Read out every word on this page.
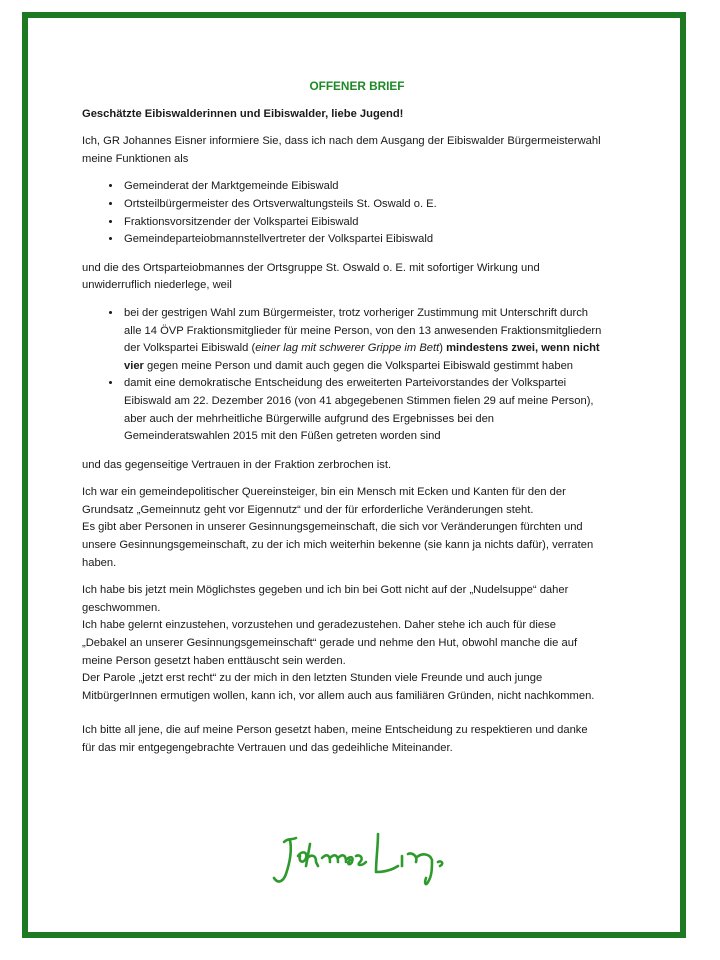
OFFENER BRIEF
Geschätzte Eibiswalderinnen und Eibiswalder, liebe Jugend!

Ich, GR Johannes Eisner informiere Sie, dass ich nach dem Ausgang der Eibiswalder Bürgermeisterwahl meine Funktionen als

• Gemeinderat der Marktgemeinde Eibiswald
• Ortsteilbürgermeister des Ortsverwaltungsteils St. Oswald o. E.
• Fraktionsvorsitzender der Volkspartei Eibiswald
• Gemeindeparteiobmannstellvertreter der Volkspartei Eibiswald

und die des Ortsparteiobmannes der Ortsgruppe St. Oswald o. E. mit sofortiger Wirkung und unwiderruflich niederlege, weil

• bei der gestrigen Wahl zum Bürgermeister, trotz vorheriger Zustimmung mit Unterschrift durch alle 14 ÖVP Fraktionsmitglieder für meine Person, von den 13 anwesenden Fraktionsmitgliedern der Volkspartei Eibiswald (einer lag mit schwerer Grippe im Bett) mindestens zwei, wenn nicht vier gegen meine Person und damit auch gegen die Volkspartei Eibiswald gestimmt haben
• damit eine demokratische Entscheidung des erweiterten Parteivorstandes der Volkspartei Eibiswald am 22. Dezember 2016 (von 41 abgegebenen Stimmen fielen 29 auf meine Person), aber auch der mehrheitliche Bürgerwille aufgrund des Ergebnisses bei den Gemeinderatswahlen 2015 mit den Füßen getreten worden sind

und das gegenseitige Vertrauen in der Fraktion zerbrochen ist.

Ich war ein gemeindepolitischer Quereinsteiger, bin ein Mensch mit Ecken und Kanten für den der Grundsatz „Gemeinnutz geht vor Eigennutz“ und der für erforderliche Veränderungen steht.

Es gibt aber Personen in unserer Gesinnungsgemeinschaft, die sich vor Veränderungen fürchten und unsere Gesinnungsgemeinschaft, zu der ich mich weiterhin bekenne (sie kann ja nichts dafür), verraten haben.

Ich habe bis jetzt mein Möglichstes gegeben und ich bin bei Gott nicht auf der „Nudelsuppe“ daher geschwommen.

Ich habe gelernt einzustehen, vorzustehen und geradezustehen. Daher stehe ich auch für diese „Debakel an unserer Gesinnungsgemeinschaft“ gerade und nehme den Hut, obwohl manche die auf meine Person gesetzt haben enttäuscht sein werden.

Der Parole „jetzt erst recht“ zu der mich in den letzten Stunden viele Freunde und auch junge MitbürgerInnen ermutigen wollen, kann ich, vor allem auch aus familiären Gründen, nicht nachkommen.

Ich bitte all jene, die auf meine Person gesetzt haben, meine Entscheidung zu respektieren und danke für das mir entgegengebrachte Vertrauen und das gedeihliche Miteinander.
